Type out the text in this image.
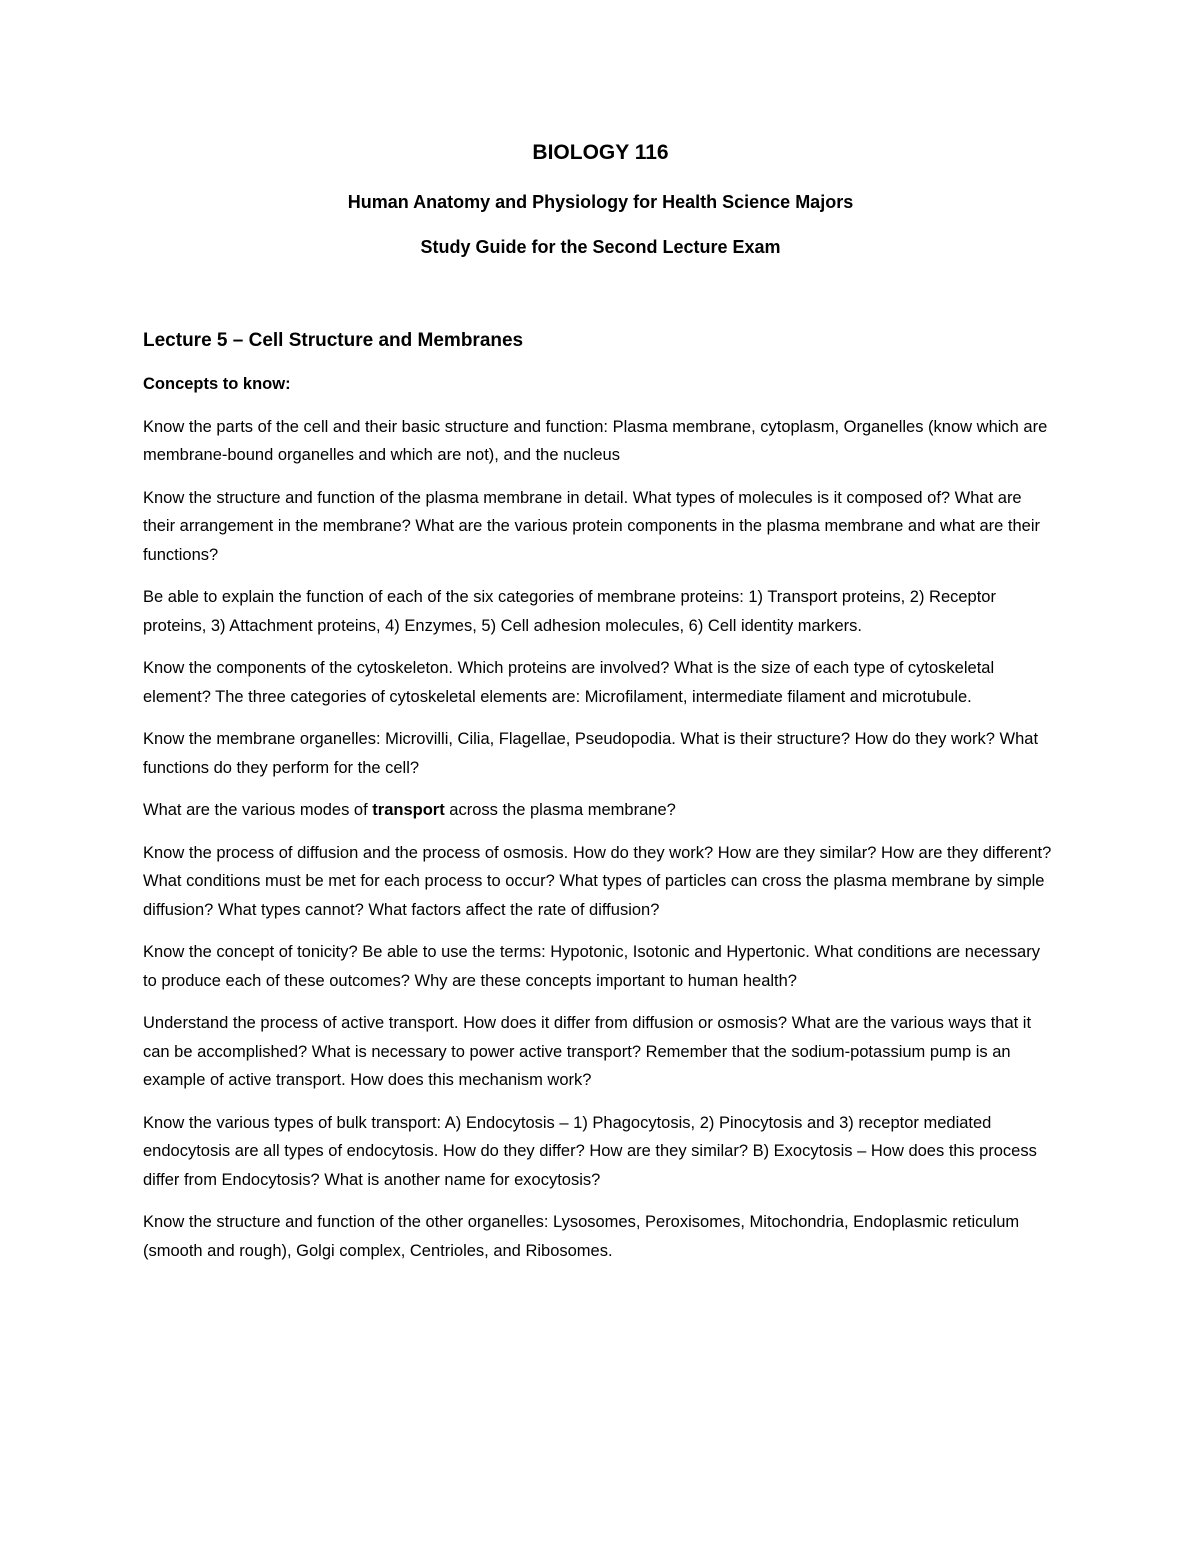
BIOLOGY 116
Human Anatomy and Physiology for Health Science Majors
Study Guide for the Second Lecture Exam
Lecture 5 – Cell Structure and Membranes

Concepts to know:

Know the parts of the cell and their basic structure and function: Plasma membrane, cytoplasm, Organelles (know which are membrane-bound organelles and which are not), and the nucleus

Know the structure and function of the plasma membrane in detail. What types of molecules is it composed of? What are their arrangement in the membrane? What are the various protein components in the plasma membrane and what are their functions?

Be able to explain the function of each of the six categories of membrane proteins: 1) Transport proteins, 2) Receptor proteins, 3) Attachment proteins, 4) Enzymes, 5) Cell adhesion molecules, 6) Cell identity markers.

Know the components of the cytoskeleton. Which proteins are involved? What is the size of each type of cytoskeletal element? The three categories of cytoskeletal elements are: Microfilament, intermediate filament and microtubule.

Know the membrane organelles: Microvilli, Cilia, Flagellae, Pseudopodia. What is their structure? How do they work? What functions do they perform for the cell?

What are the various modes of transport across the plasma membrane?

Know the process of diffusion and the process of osmosis. How do they work? How are they similar? How are they different? What conditions must be met for each process to occur? What types of particles can cross the plasma membrane by simple diffusion? What types cannot? What factors affect the rate of diffusion?

Know the concept of tonicity? Be able to use the terms: Hypotonic, Isotonic and Hypertonic. What conditions are necessary to produce each of these outcomes? Why are these concepts important to human health?

Understand the process of active transport. How does it differ from diffusion or osmosis? What are the various ways that it can be accomplished? What is necessary to power active transport? Remember that the sodium-potassium pump is an example of active transport. How does this mechanism work?

Know the various types of bulk transport: A) Endocytosis – 1) Phagocytosis, 2) Pinocytosis and 3) receptor mediated endocytosis are all types of endocytosis. How do they differ? How are they similar? B) Exocytosis – How does this process differ from Endocytosis? What is another name for exocytosis?

Know the structure and function of the other organelles: Lysosomes, Peroxisomes, Mitochondria, Endoplasmic reticulum (smooth and rough), Golgi complex, Centrioles, and Ribosomes.
